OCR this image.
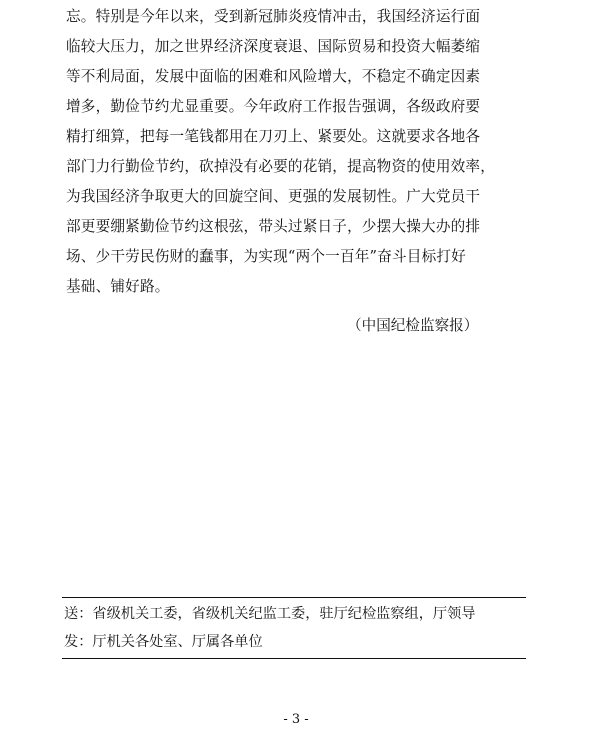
忘。特别是今年以来，受到新冠肺炎疫情冲击，我国经济运行面
临较大压力，加之世界经济深度衰退、国际贸易和投资大幅萎缩
等不利局面，发展中面临的困难和风险增大，不稳定不确定因素
增多，勤俭节约尤显重要。今年政府工作报告强调，各级政府要
精打细算，把每一笔钱都用在刀刃上、紧要处。这就要求各地各
部门力行勤俭节约，砍掉没有必要的花销，提高物资的使用效率，
为我国经济争取更大的回旋空间、更强的发展韧性。广大党员干
部更要绷紧勤俭节约这根弦，带头过紧日子，少摆大操大办的排
场、少干劳民伤财的蠢事，为实现“两个一百年”奋斗目标打好
基础、铺好路。
（中国纪检监察报）
送：省级机关工委，省级机关纪监工委，驻厅纪检监察组，厅领导
发：厅机关各处室、厅属各单位
- 3 -
